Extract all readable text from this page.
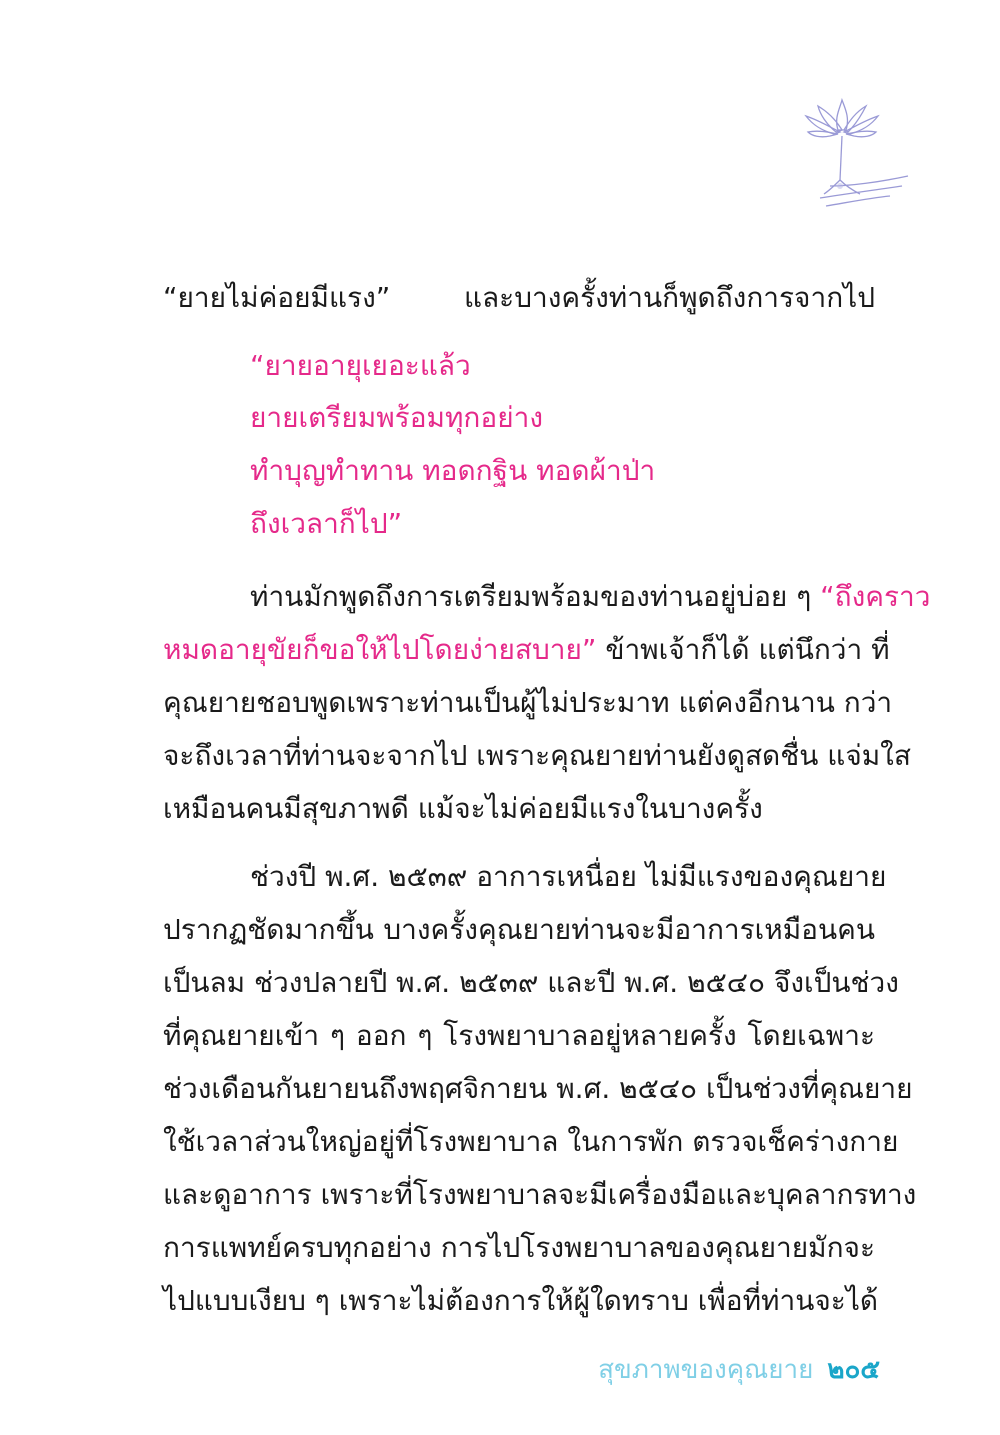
“ยายไม่ค่อยมีแรง” และบางครั้งท่านก็พูดถึงการจากไป
“ยายอายุเยอะแล้ว
ยายเตรียมพร้อมทุกอย่าง
ทำบุญทำทาน ทอดกฐิน ทอดผ้าป่า
ถึงเวลาก็ไป”
ท่านมักพูดถึงการเตรียมพร้อมของท่านอยู่บ่อย ๆ “ถึงคราว
หมดอายุขัยก็ขอให้ไปโดยง่ายสบาย” ข้าพเจ้าก็ได้ แต่นึกว่า ที่
คุณยายชอบพูดเพราะท่านเป็นผู้ไม่ประมาท แต่คงอีกนาน กว่า
จะถึงเวลาที่ท่านจะจากไป เพราะคุณยายท่านยังดูสดชื่น แจ่มใส
เหมือนคนมีสุขภาพดี แม้จะไม่ค่อยมีแรงในบางครั้ง
ช่วงปี พ.ศ. ๒๕๓๙ อาการเหนื่อย ไม่มีแรงของคุณยาย
ปรากฏชัดมากขึ้น บางครั้งคุณยายท่านจะมีอาการเหมือนคน
เป็นลม ช่วงปลายปี พ.ศ. ๒๕๓๙ และปี พ.ศ. ๒๕๔๐ จึงเป็นช่วง
ที่คุณยายเข้า ๆ ออก ๆ โรงพยาบาลอยู่หลายครั้ง โดยเฉพาะ
ช่วงเดือนกันยายนถึงพฤศจิกายน พ.ศ. ๒๕๔๐ เป็นช่วงที่คุณยาย
ใช้เวลาส่วนใหญ่อยู่ที่โรงพยาบาล ในการพัก ตรวจเช็คร่างกาย
และดูอาการ เพราะที่โรงพยาบาลจะมีเครื่องมือและบุคลากรทาง
การแพทย์ครบทุกอย่าง การไปโรงพยาบาลของคุณยายมักจะ
ไปแบบเงียบ ๆ เพราะไม่ต้องการให้ผู้ใดทราบ เพื่อที่ท่านจะได้
สุขภาพของคุณยาย ๒๐๕
